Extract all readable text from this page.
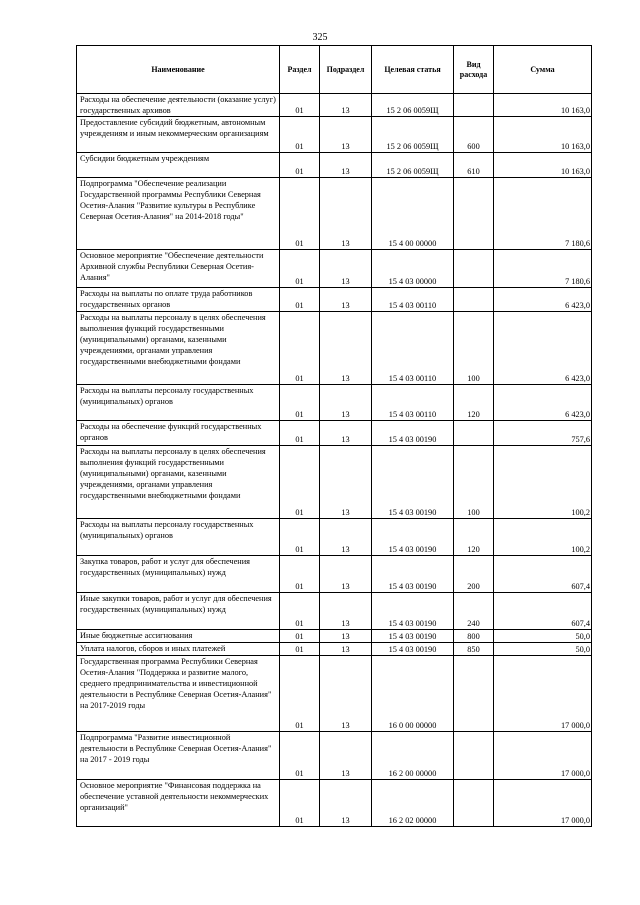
325
Наименование	Раздел	Подраздел	Целевая статья	Вид расхода	Сумма
Расходы на обеспечение деятельности (оказание услуг) государственных архивов	01	13	15 2 06 0059Щ		10 163,0
Предоставление субсидий бюджетным, автономным учреждениям и иным некоммерческим организациям	01	13	15 2 06 0059Щ	600	10 163,0
Субсидии бюджетным учреждениям	01	13	15 2 06 0059Щ	610	10 163,0
Подпрограмма "Обеспечение реализации Государственной программы Республики Северная Осетия-Алания "Развитие культуры в Республике Северная Осетия-Алания" на 2014-2018 годы"	01	13	15 4 00 00000		7 180,6
Основное мероприятие "Обеспечение деятельности Архивной службы Республики Северная Осетия-Алания"	01	13	15 4 03 00000		7 180,6
Расходы на выплаты по оплате труда работников государственных органов	01	13	15 4 03 00110		6 423,0
Расходы на выплаты персоналу в целях обеспечения выполнения функций государственными (муниципальными) органами, казенными учреждениями, органами управления государственными внебюджетными фондами	01	13	15 4 03 00110	100	6 423,0
Расходы на выплаты персоналу государственных (муниципальных) органов	01	13	15 4 03 00110	120	6 423,0
Расходы на обеспечение функций государственных органов	01	13	15 4 03 00190		757,6
Расходы на выплаты персоналу в целях обеспечения выполнения функций государственными (муниципальными) органами, казенными учреждениями, органами управления государственными внебюджетными фондами	01	13	15 4 03 00190	100	100,2
Расходы на выплаты персоналу государственных (муниципальных) органов	01	13	15 4 03 00190	120	100,2
Закупка товаров, работ и услуг для обеспечения государственных (муниципальных) нужд	01	13	15 4 03 00190	200	607,4
Иные закупки товаров, работ и услуг для обеспечения государственных (муниципальных) нужд	01	13	15 4 03 00190	240	607,4
Иные бюджетные ассигнования	01	13	15 4 03 00190	800	50,0
Уплата налогов, сборов и иных платежей	01	13	15 4 03 00190	850	50,0
Государственная программа Республики Северная Осетия-Алания "Поддержка и развитие малого, среднего предпринимательства и инвестиционной деятельности в Республике Северная Осетия-Алания" на 2017-2019 годы	01	13	16 0 00 00000		17 000,0
Подпрограмма "Развитие инвестиционной деятельности в Республике Северная Осетия-Алания" на 2017 - 2019 годы	01	13	16 2 00 00000		17 000,0
Основное мероприятие "Финансовая поддержка на обеспечение уставной деятельности некоммерческих организаций"	01	13	16 2 02 00000		17 000,0
